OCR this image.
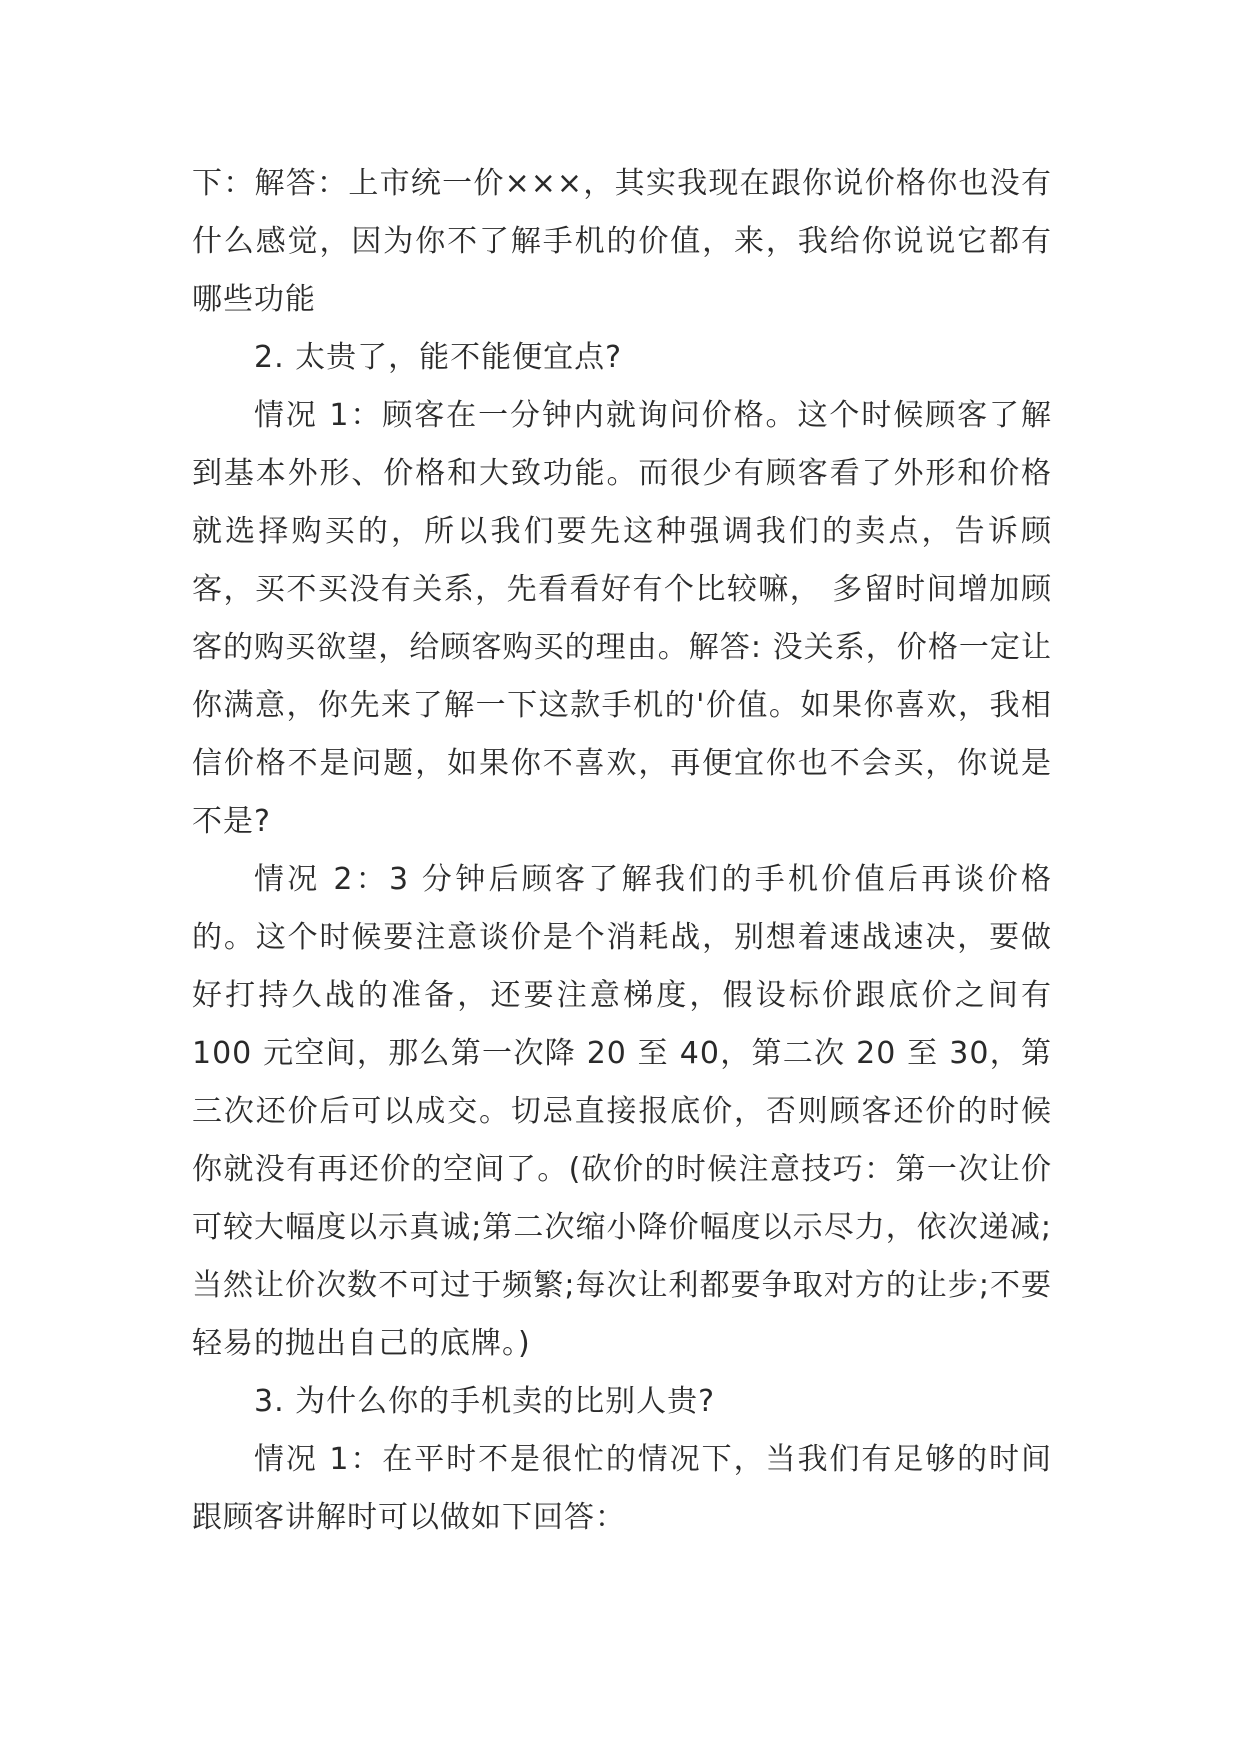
下：解答：上市统一价×××，其实我现在跟你说价格你也没有什么感觉，因为你不了解手机的价值，来，我给你说说它都有哪些功能

2. 太贵了，能不能便宜点?

情况 1：顾客在一分钟内就询问价格。这个时候顾客了解到基本外形、价格和大致功能。而很少有顾客看了外形和价格就选择购买的，所以我们要先这种强调我们的卖点，告诉顾客，买不买没有关系，先看看好有个比较嘛， 多留时间增加顾客的购买欲望，给顾客购买的理由。解答: 没关系，价格一定让你满意，你先来了解一下这款手机的'价值。如果你喜欢，我相信价格不是问题，如果你不喜欢，再便宜你也不会买，你说是不是?

情况 2：3 分钟后顾客了解我们的手机价值后再谈价格的。这个时候要注意谈价是个消耗战，别想着速战速决，要做好打持久战的准备，还要注意梯度，假设标价跟底价之间有 100 元空间，那么第一次降 20 至 40，第二次 20 至 30，第三次还价后可以成交。切忌直接报底价，否则顾客还价的时候你就没有再还价的空间了。(砍价的时候注意技巧：第一次让价可较大幅度以示真诚;第二次缩小降价幅度以示尽力，依次递减;当然让价次数不可过于频繁;每次让利都要争取对方的让步;不要轻易的抛出自己的底牌。)

3. 为什么你的手机卖的比别人贵?

情况 1：在平时不是很忙的情况下，当我们有足够的时间跟顾客讲解时可以做如下回答：
